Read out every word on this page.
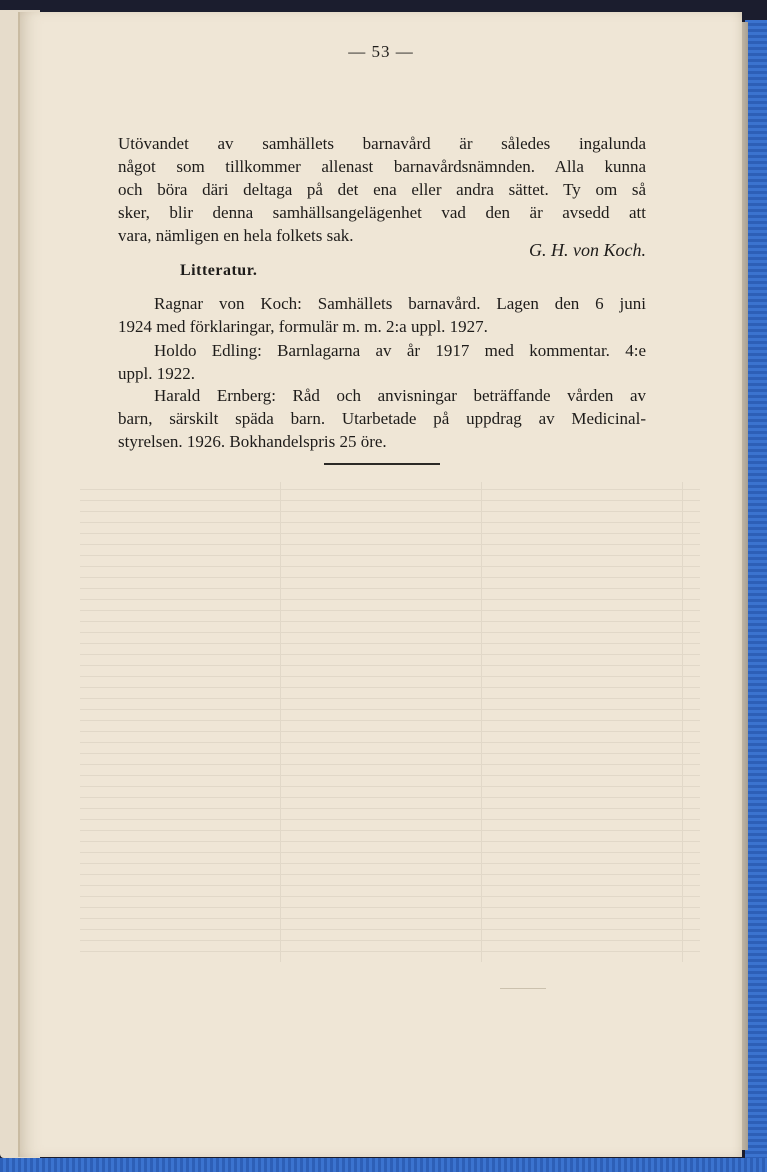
— 53 —
Utövandet av samhällets barnavård är således ingalunda
något som tillkommer allenast barnavårdsnämnden. Alla kunna
och böra däri deltaga på det ena eller andra sättet. Ty om så
sker, blir denna samhällsangelägenhet vad den är avsedd att
vara, nämligen en hela folkets sak.
G. H. von Koch.
Litteratur.
Ragnar von Koch: Samhällets barnavård. Lagen den 6 juni
1924 med förklaringar, formulär m. m. 2:a uppl. 1927.
Holdo Edling: Barnlagarna av år 1917 med kommentar. 4:e
uppl. 1922.
Harald Ernberg: Råd och anvisningar beträffande vården av
barn, särskilt späda barn. Utarbetade på uppdrag av Medicinal-
styrelsen. 1926. Bokhandelspris 25 öre.
